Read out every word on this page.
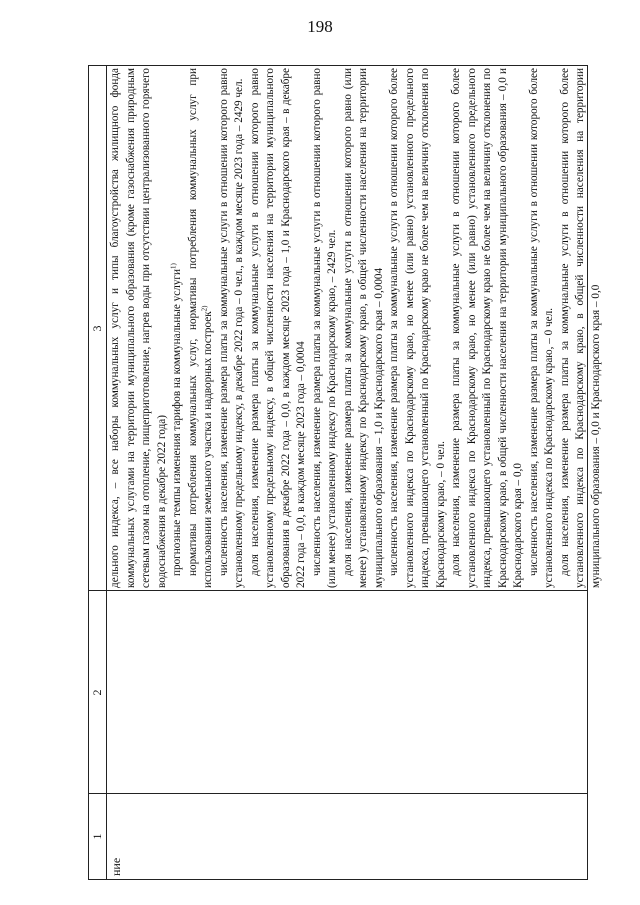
198
1
2
3
ние

дельного индекса, – все наборы коммунальных услуг и типы благоустройства жилищного фонда коммунальных услугами на территории муниципального образования (кроме газоснабжения природным сетевым газом на отопление, пищеприготовление, нагрев воды при отсутствии централизованного горячего водоснабжения в декабре 2022 года) прогнозные темпы изменения тарифов на коммунальные услуги$^{1)}$ нормативы потребления коммунальных услуг, нормативы потребления коммунальных услуг при использовании земельного участка и надворных построек$^{2)}$ численность населения, изменение размера платы за коммунальные услуги в отношении которого равно установленному предельному индексу, в декабре 2022 года – 0 чел., в каждом месяце 2023 года – 2429 чел. доля населения, изменение размера платы за коммунальные услуги в отношении которого равно установленному предельному индексу, в общей численности населения на территории муниципального образования в декабре 2022 года – 0,0, в каждом месяце 2023 года – 1,0 и Краснодарского края – в декабре 2022 года – 0,0, в каждом месяце 2023 года – 0,0004 численность населения, изменение размера платы за коммунальные услуги в отношении которого равно (или менее) установленному индексу по Краснодарскому краю, – 2429 чел. доля населения, изменение размера платы за коммунальные услуги в отношении которого равно (или менее) установленному индексу по Краснодарскому краю, в общей численности населения на территории муниципального образования – 1,0 и Краснодарского края – 0,0004 численность населения, изменение размера платы за коммунальные услуги в отношении которого более установленного индекса по Краснодарскому краю, но менее (или равно) установленного предельного индекса, превышающего установленный по Краснодарскому краю не более чем на величину отклонения по Краснодарскому краю, – 0 чел. доля населения, изменение размера платы за коммунальные услуги в отношении которого более установленного индекса по Краснодарскому краю, но менее (или равно) установленного предельного индекса, превышающего установленный по Краснодарскому краю не более чем на величину отклонения по Краснодарскому краю, в общей численности населения на территории муниципального образования – 0,0 и Краснодарского края – 0,0 численность населения, изменение размера платы за коммунальные услуги в отношении которого более установленного индекса по Краснодарскому краю, – 0 чел. доля населения, изменение размера платы за коммунальные услуги в отношении которого более установленного индекса по Краснодарскому краю, в общей численности населения на территории муниципального образования – 0,0 и Краснодарского края – 0,0
